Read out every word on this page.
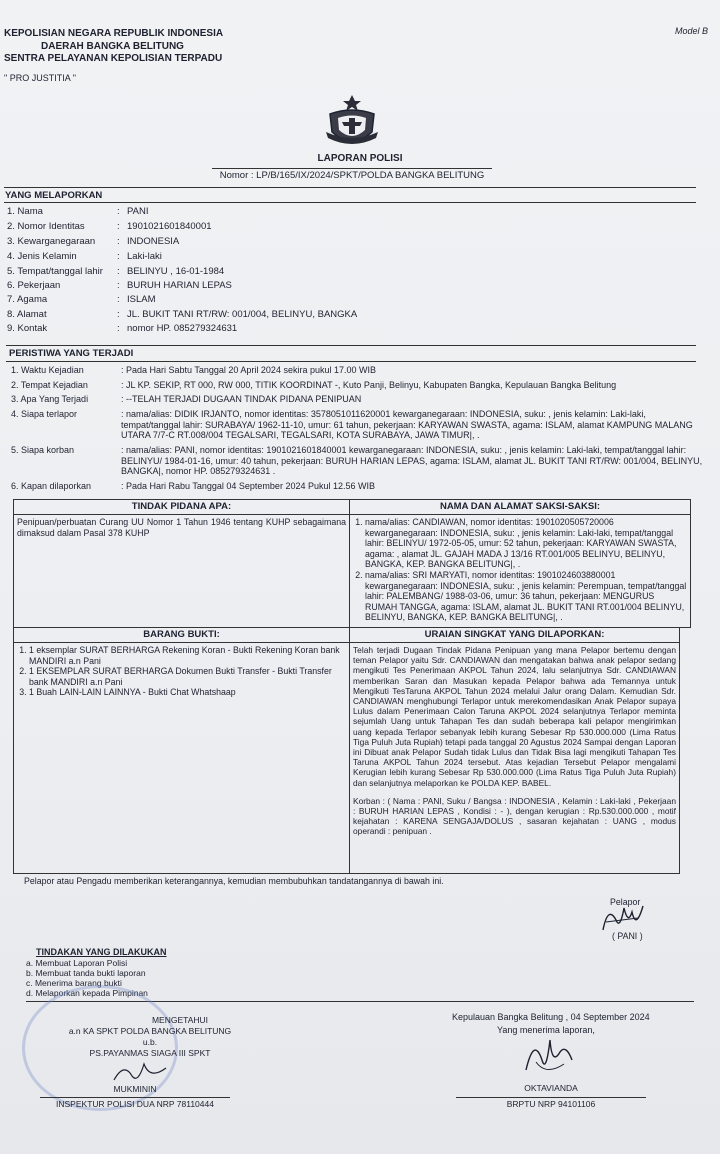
KEPOLISIAN NEGARA REPUBLIK INDONESIA
DAERAH BANGKA BELITUNG
SENTRA PELAYANAN KEPOLISIAN TERPADU
Model B
" PRO JUSTITIA "
LAPORAN POLISI
Nomor : LP/B/165/IX/2024/SPKT/POLDA BANGKA BELITUNG
YANG MELAPORKAN
1. Nama	: PANI
2. Nomor Identitas	: 1901021601840001
3. Kewarganegaraan : INDONESIA
4. Jenis Kelamin	: Laki-laki
5. Tempat/tanggal lahir : BELINYU , 16-01-1984
6. Pekerjaan	: BURUH HARIAN LEPAS
7. Agama	: ISLAM
8. Alamat	: JL. BUKIT TANI RT/RW: 001/004, BELINYU, BANGKA
9. Kontak	: nomor HP. 085279324631
PERISTIWA YANG TERJADI
1. Waktu Kejadian	: Pada Hari Sabtu Tanggal 20 April 2024 sekira pukul 17.00 WIB
2. Tempat Kejadian	: JL KP. SEKIP, RT 000, RW 000, TITIK KOORDINAT -, Kuto Panji, Belinyu, Kabupaten Bangka, Kepulauan Bangka Belitung
3. Apa Yang Terjadi	: --TELAH TERJADI DUGAAN TINDAK PIDANA PENIPUAN
4. Siapa terlapor	: nama/alias: DIDIK IRJANTO, nomor identitas: 3578051011620001 kewarganegaraan: INDONESIA, suku: , jenis kelamin: Laki-laki, tempat/tanggal lahir: SURABAYA/ 1962-11-10, umur: 61 tahun, pekerjaan: KARYAWAN SWASTA, agama: ISLAM, alamat KAMPUNG MALANG UTARA 7/7-C RT.008/004 TEGALSARI, TEGALSARI, KOTA SURABAYA, JAWA TIMUR|, .
5. Siapa korban	: nama/alias: PANI, nomor identitas: 1901021601840001 kewarganegaraan: INDONESIA, suku: , jenis kelamin: Laki-laki, tempat/tanggal lahir: BELINYU/ 1984-01-16, umur: 40 tahun, pekerjaan: BURUH HARIAN LEPAS, agama: ISLAM, alamat JL. BUKIT TANI RT/RW: 001/004, BELINYU, BANGKA|, nomor HP. 085279324631 .
6. Kapan dilaporkan	: Pada Hari Rabu Tanggal 04 September 2024 Pukul 12.56 WIB
TINDAK PIDANA APA:
Penipuan/perbuatan Curang UU Nomor 1 Tahun 1946 tentang KUHP sebagaimana dimaksud dalam Pasal 378 KUHP
NAMA DAN ALAMAT SAKSI-SAKSI:
1. nama/alias: CANDIAWAN, nomor identitas: 1901020505720006 kewarganegaraan: INDONESIA, suku: , jenis kelamin: Laki-laki, tempat/tanggal lahir: BELINYU/ 1972-05-05, umur: 52 tahun, pekerjaan: KARYAWAN SWASTA, agama: , alamat JL. GAJAH MADA J 13/16 RT.001/005 BELINYU, BELINYU, BANGKA, KEP. BANGKA BELITUNG|, .
2. nama/alias: SRI MARYATI, nomor identitas: 1901024603880001 kewarganegaraan: INDONESIA, suku: , jenis kelamin: Perempuan, tempat/tanggal lahir: PALEMBANG/ 1988-03-06, umur: 36 tahun, pekerjaan: MENGURUS RUMAH TANGGA, agama: ISLAM, alamat JL. BUKIT TANI RT.001/004 BELINYU, BELINYU, BANGKA, KEP. BANGKA BELITUNG|, .
BARANG BUKTI:
1. 1 eksemplar SURAT BERHARGA Rekening Koran - Bukti Rekening Koran bank MANDIRI a.n Pani
2. 1 EKSEMPLAR SURAT BERHARGA Dokumen Bukti Transfer - Bukti Transfer bank MANDIRI a.n Pani
3. 1 Buah LAIN-LAIN LAINNYA - Bukti Chat Whatshaap
URAIAN SINGKAT YANG DILAPORKAN:
Telah terjadi Dugaan Tindak Pidana Penipuan yang mana Pelapor bertemu dengan teman Pelapor yaitu Sdr. CANDIAWAN dan mengatakan bahwa anak pelapor sedang mengikuti Tes Penerimaan AKPOL Tahun 2024, lalu selanjutnya Sdr. CANDIAWAN memberikan Saran dan Masukan kepada Pelapor bahwa ada Temannya untuk Mengikuti TesTaruna AKPOL Tahun 2024 melalui Jalur orang Dalam. Kemudian Sdr. CANDIAWAN menghubungi Terlapor untuk merekomendasikan Anak Pelapor supaya Lulus dalam Penerimaan Calon Taruna AKPOL 2024 selanjutnya Terlapor meminta sejumlah Uang untuk Tahapan Tes dan sudah beberapa kali pelapor mengirimkan uang kepada Terlapor sebanyak lebih kurang Sebesar Rp 530.000.000 (Lima Ratus Tiga Puluh Juta Rupiah) tetapi pada tanggal 20 Agustus 2024 Sampai dengan Laporan ini Dibuat anak Pelapor Sudah tidak Lulus dan Tidak Bisa lagi mengikuti Tahapan Tes Taruna AKPOL Tahun 2024 tersebut. Atas kejadian Tersebut Pelapor mengalami Kerugian lebih kurang Sebesar Rp 530.000.000 (Lima Ratus Tiga Puluh Juta Rupiah) dan selanjutnya melaporkan ke POLDA KEP. BABEL.
Korban : ( Nama : PANI, Suku / Bangsa : INDONESIA , Kelamin : Laki-laki , Pekerjaan : BURUH HARIAN LEPAS , Kondisi : - ), dengan kerugian : Rp.530.000.000 , motif kejahatan : KARENA SENGAJA/DOLUS , sasaran kejahatan : UANG , modus operandi : penipuan .
Pelapor atau Pengadu memberikan keterangannya, kemudian membubuhkan tandatangannya di bawah ini.
Pelapor
( PANI )
TINDAKAN YANG DILAKUKAN
a. Membuat Laporan Polisi
b. Membuat tanda bukti laporan
c. Menerima barang bukti
d. Melaporkan kepada Pimpinan
MENGETAHUI
a.n KA SPKT POLDA BANGKA BELITUNG
u.b.
PS.PAYANMAS SIAGA III SPKT
MUKMININ
INSPEKTUR POLISI DUA NRP 78110444
Kepulauan Bangka Belitung , 04 September 2024
Yang menerima laporan,
OKTAVIANDA
BRPTU NRP 94101106
